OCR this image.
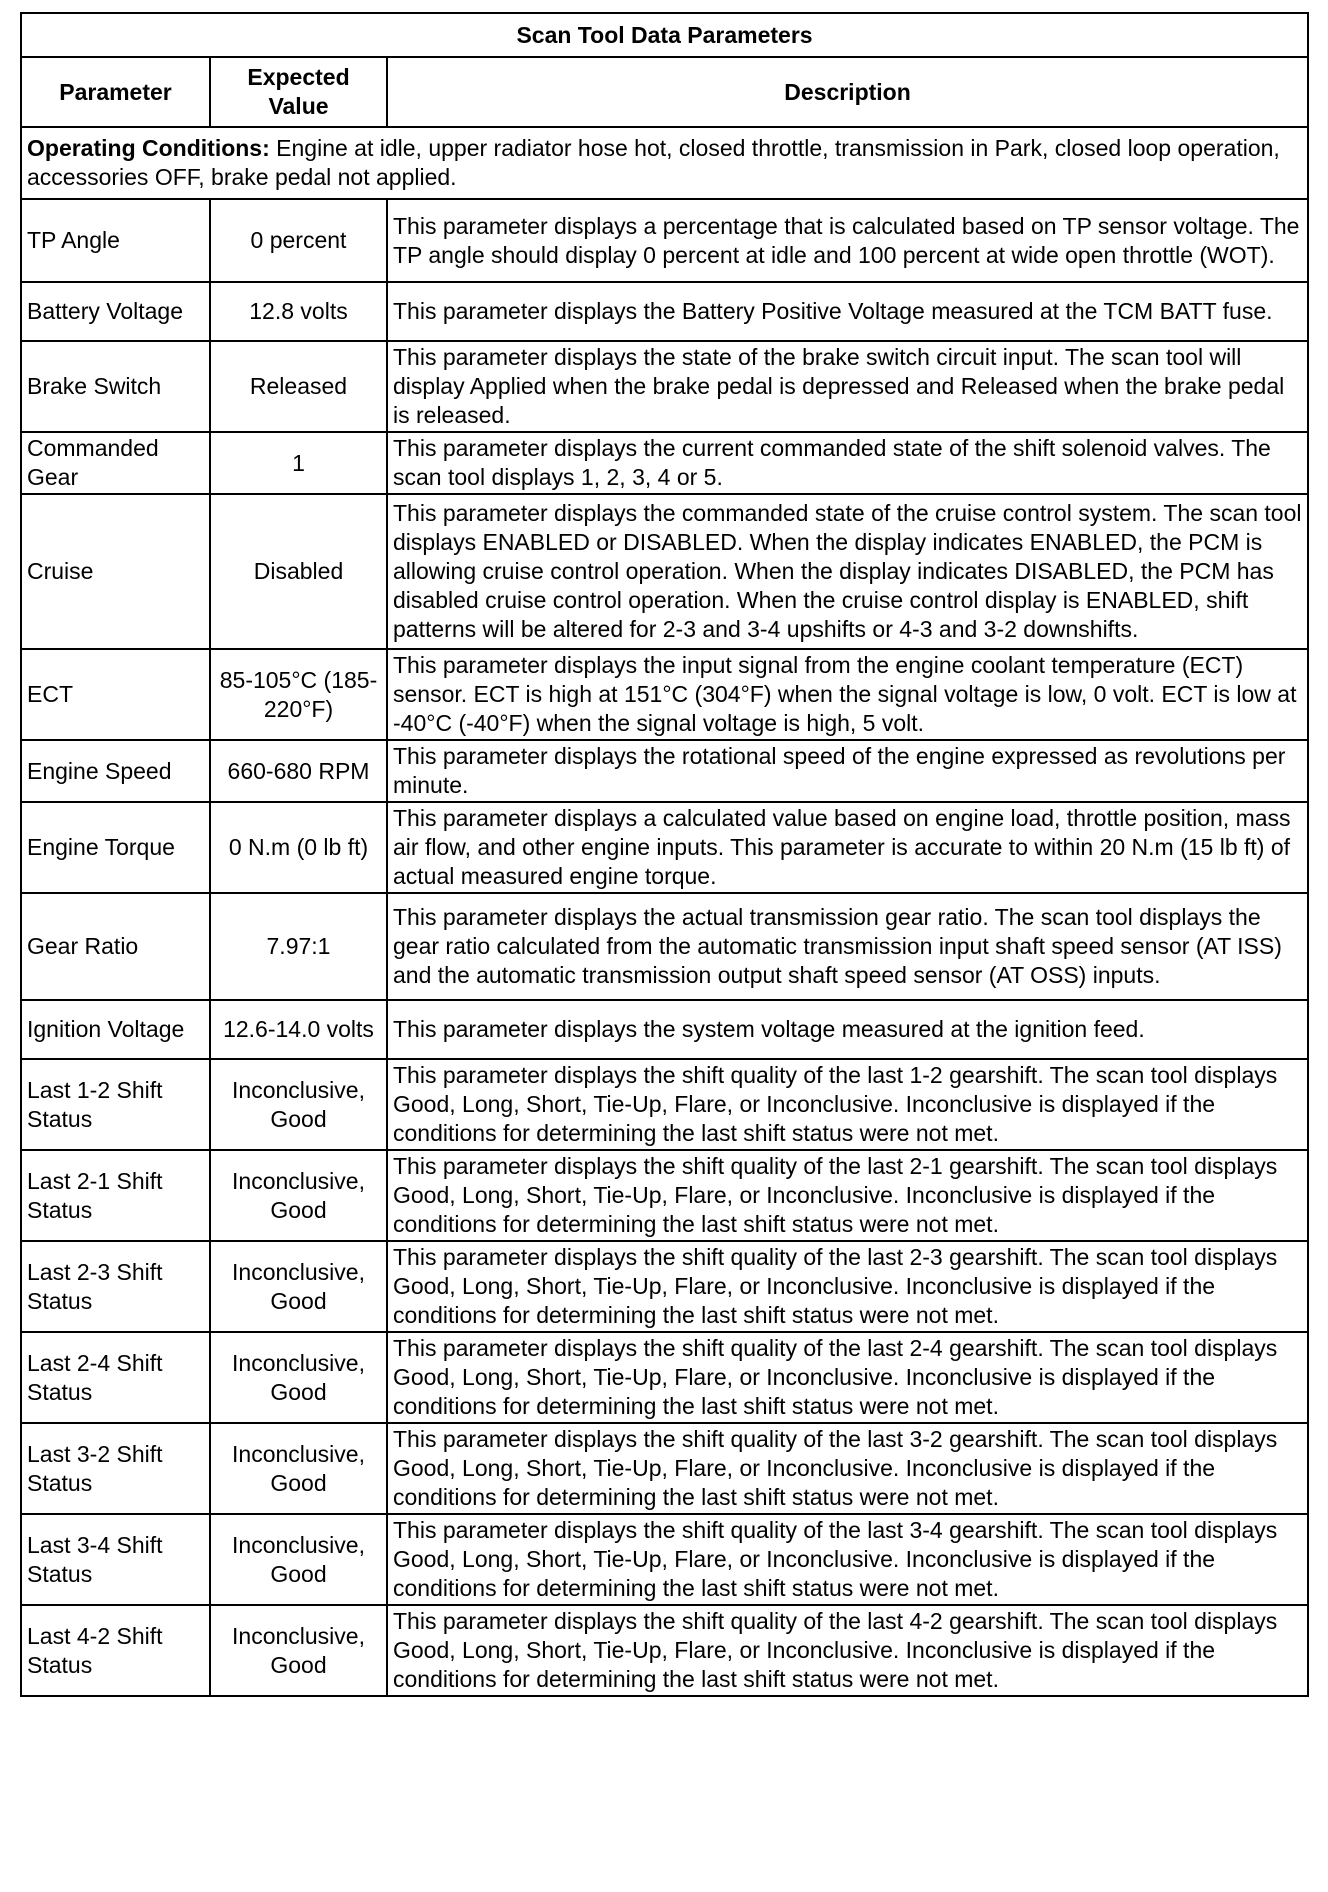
Scan Tool Data Parameters		
Parameter	Expected Value	Description
Operating Conditions: Engine at idle, upper radiator hose hot, closed throttle, transmission in Park, closed loop operation, accessories OFF, brake pedal not applied.		
TP Angle	0 percent	This parameter displays a percentage that is calculated based on TP sensor voltage. The TP angle should display 0 percent at idle and 100 percent at wide open throttle (WOT).
Battery Voltage	12.8 volts	This parameter displays the Battery Positive Voltage measured at the TCM BATT fuse.
Brake Switch	Released	This parameter displays the state of the brake switch circuit input. The scan tool will display Applied when the brake pedal is depressed and Released when the brake pedal is released.
Commanded Gear	1	This parameter displays the current commanded state of the shift solenoid valves. The scan tool displays 1, 2, 3, 4 or 5.
Cruise	Disabled	This parameter displays the commanded state of the cruise control system. The scan tool displays ENABLED or DISABLED. When the display indicates ENABLED, the PCM is allowing cruise control operation. When the display indicates DISABLED, the PCM has disabled cruise control operation. When the cruise control display is ENABLED, shift patterns will be altered for 2-3 and 3-4 upshifts or 4-3 and 3-2 downshifts.
ECT	85-105°C (185-220°F)	This parameter displays the input signal from the engine coolant temperature (ECT) sensor. ECT is high at 151°C (304°F) when the signal voltage is low, 0 volt. ECT is low at -40°C (-40°F) when the signal voltage is high, 5 volt.
Engine Speed	660-680 RPM	This parameter displays the rotational speed of the engine expressed as revolutions per minute.
Engine Torque	0 N.m (0 lb ft)	This parameter displays a calculated value based on engine load, throttle position, mass air flow, and other engine inputs. This parameter is accurate to within 20 N.m (15 lb ft) of actual measured engine torque.
Gear Ratio	7.97:1	This parameter displays the actual transmission gear ratio. The scan tool displays the gear ratio calculated from the automatic transmission input shaft speed sensor (AT ISS) and the automatic transmission output shaft speed sensor (AT OSS) inputs.
Ignition Voltage	12.6-14.0 volts	This parameter displays the system voltage measured at the ignition feed.
Last 1-2 Shift Status	Inconclusive, Good	This parameter displays the shift quality of the last 1-2 gearshift. The scan tool displays Good, Long, Short, Tie-Up, Flare, or Inconclusive. Inconclusive is displayed if the conditions for determining the last shift status were not met.
Last 2-1 Shift Status	Inconclusive, Good	This parameter displays the shift quality of the last 2-1 gearshift. The scan tool displays Good, Long, Short, Tie-Up, Flare, or Inconclusive. Inconclusive is displayed if the conditions for determining the last shift status were not met.
Last 2-3 Shift Status	Inconclusive, Good	This parameter displays the shift quality of the last 2-3 gearshift. The scan tool displays Good, Long, Short, Tie-Up, Flare, or Inconclusive. Inconclusive is displayed if the conditions for determining the last shift status were not met.
Last 2-4 Shift Status	Inconclusive, Good	This parameter displays the shift quality of the last 2-4 gearshift. The scan tool displays Good, Long, Short, Tie-Up, Flare, or Inconclusive. Inconclusive is displayed if the conditions for determining the last shift status were not met.
Last 3-2 Shift Status	Inconclusive, Good	This parameter displays the shift quality of the last 3-2 gearshift. The scan tool displays Good, Long, Short, Tie-Up, Flare, or Inconclusive. Inconclusive is displayed if the conditions for determining the last shift status were not met.
Last 3-4 Shift Status	Inconclusive, Good	This parameter displays the shift quality of the last 3-4 gearshift. The scan tool displays Good, Long, Short, Tie-Up, Flare, or Inconclusive. Inconclusive is displayed if the conditions for determining the last shift status were not met.
Last 4-2 Shift Status	Inconclusive, Good	This parameter displays the shift quality of the last 4-2 gearshift. The scan tool displays Good, Long, Short, Tie-Up, Flare, or Inconclusive. Inconclusive is displayed if the conditions for determining the last shift status were not met.
